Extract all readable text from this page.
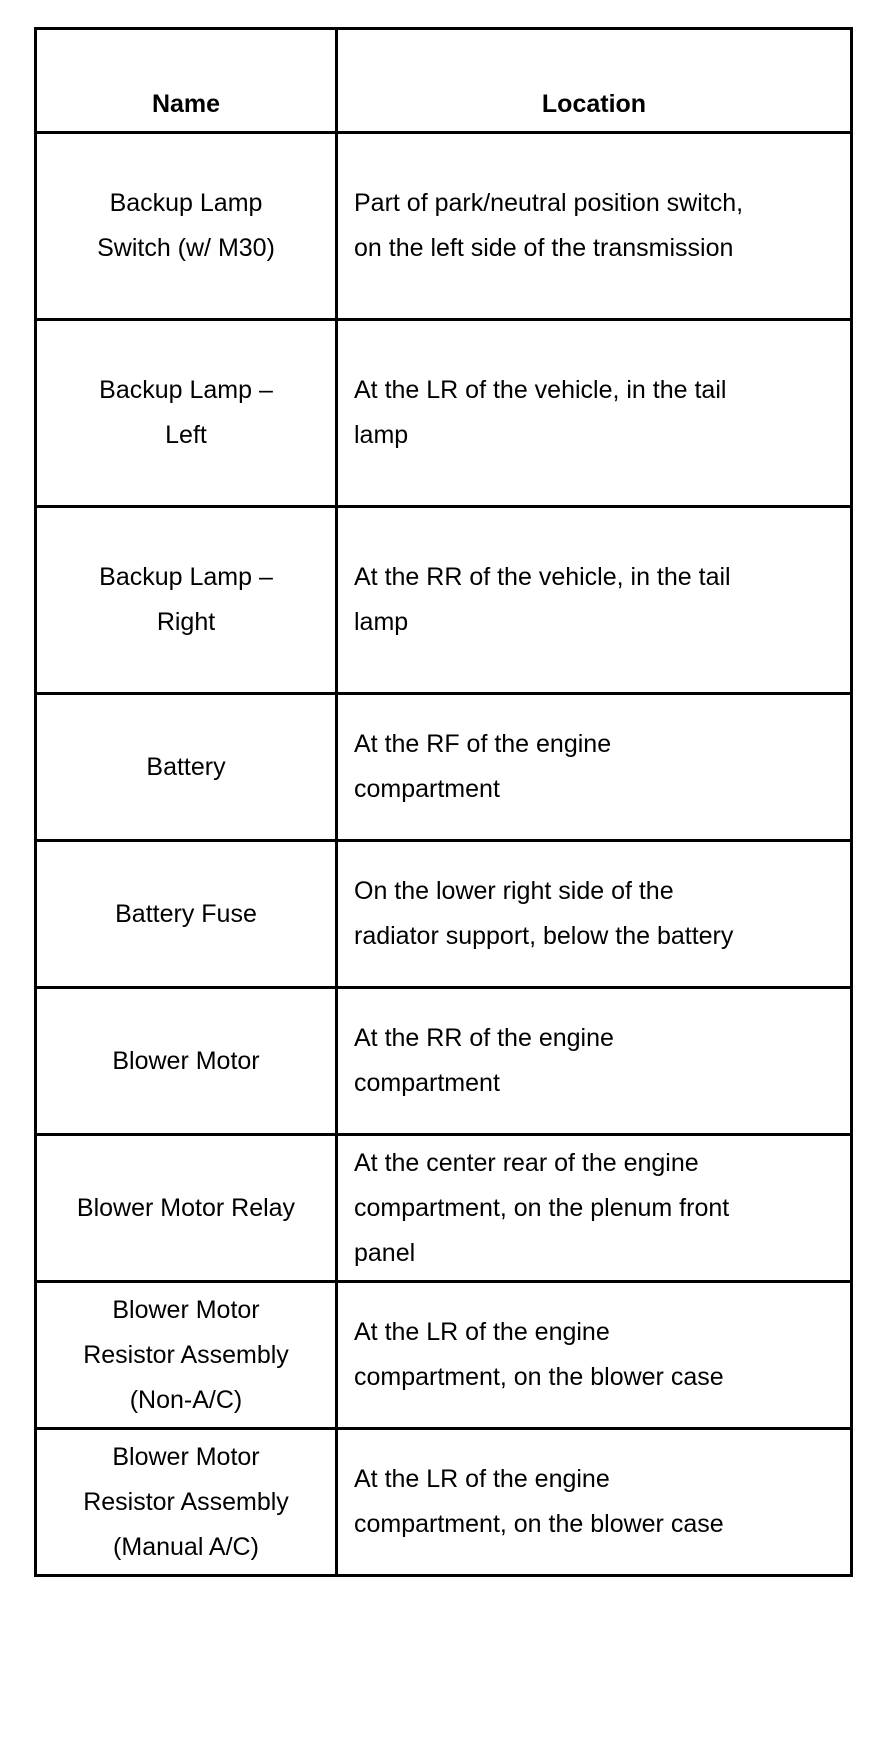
Name	Location

Backup Lamp
Switch (w/ M30)	Part of park/neutral position switch,
on the left side of the transmission

Backup Lamp –
Left	At the LR of the vehicle, in the tail
lamp

Backup Lamp –
Right	At the RR of the vehicle, in the tail
lamp

Battery	At the RF of the engine
compartment

Battery Fuse	On the lower right side of the
radiator support, below the battery

Blower Motor	At the RR of the engine
compartment

Blower Motor Relay	At the center rear of the engine
compartment, on the plenum front
panel

Blower Motor
Resistor Assembly
(Non-A/C)	At the LR of the engine
compartment, on the blower case

Blower Motor
Resistor Assembly
(Manual A/C)	At the LR of the engine
compartment, on the blower case
